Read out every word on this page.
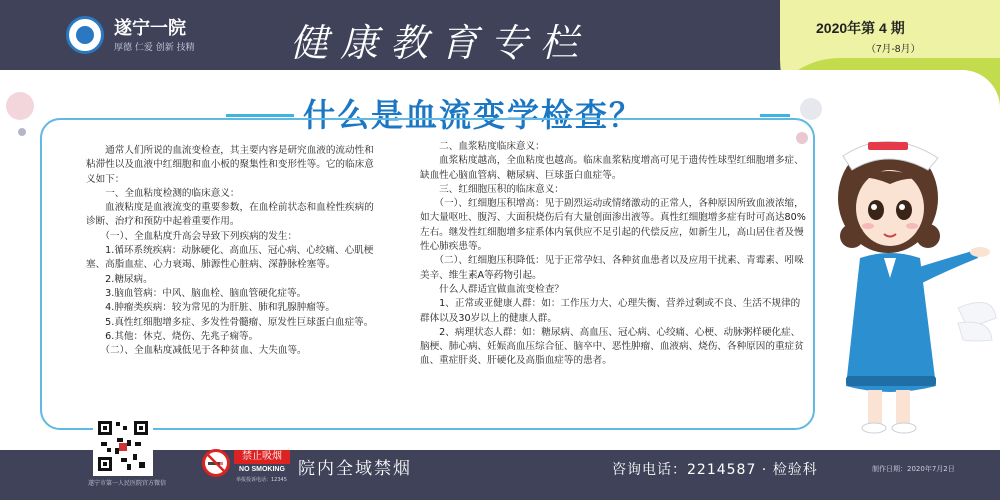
遂宁一院
厚德 仁爱 创新 技精	健康教育专栏	2020年第 4 期
（7月-8月）
什么是血流变学检查？

　　通常人们所说的血流变检查，其主要内容是研究血液的流动性和粘滞性以及血液中红细胞和血小板的聚集性和变形性等。它的临床意义如下：

　　一、全血粘度检测的临床意义：

　　血液粘度是血液流变的重要参数，在血栓前状态和血栓性疾病的诊断、治疗和预防中起着重要作用。

　　（一）、全血粘度升高会导致下列疾病的发生：

　　1.循环系统疾病：动脉硬化、高血压、冠心病、心绞痛、心肌梗塞、高脂血症、心力衰竭、肺源性心脏病、深静脉栓塞等。

　　2.糖尿病。

　　3.脑血管病：中风、脑血栓、脑血管硬化症等。

　　4.肿瘤类疾病：较为常见的为肝脏、肺和乳腺肿瘤等。

　　5.真性红细胞增多症、多发性骨髓瘤、原发性巨球蛋白血症等。

　　6.其他：休克、烧伤、先兆子痫等。

　　（二）、全血粘度减低见于各种贫血、大失血等。

　　二、血浆粘度临床意义：

　　血浆粘度越高，全血粘度也越高。临床血浆粘度增高可见于遗传性球型红细胞增多症、缺血性心脑血管病、糖尿病、巨球蛋白血症等。

　　三、红细胞压积的临床意义：

　　（一）、红细胞压积增高：见于剧烈运动或情绪激动的正常人，各种原因所致血液浓缩，如大量呕吐、腹泻、大面积烧伤后有大量创面渗出液等。真性红细胞增多症有时可高达80%左右。继发性红细胞增多症系体内氧供应不足引起的代偿反应，如新生儿，高山居住者及慢性心肺疾患等。

　　（二）、红细胞压积降低：见于正常孕妇、各种贫血患者以及应用干扰素、青霉素、吲哚美辛、维生素A等药物引起。

　　什么人群适宜做血流变检查？

　　1、正常或亚健康人群：如：工作压力大、心理失衡、营养过剩或不良、生活不规律的群体以及30岁以上的健康人群。

　　2、病理状态人群：如：糖尿病、高血压、冠心病、心绞痛、心梗、动脉粥样硬化症、脑梗、肺心病、妊娠高血压综合征、脑卒中、恶性肿瘤、血液病、烧伤、各种原因的重症贫血、重症肝炎、肝硬化及高脂血症等的患者。

遂宁市第一人民医院官方微信
禁止吸烟
NO SMOKING
举报投诉电话：12345
院内全域禁烟	咨询电话：2214587 · 检验科	制作日期：2020年7月2日
